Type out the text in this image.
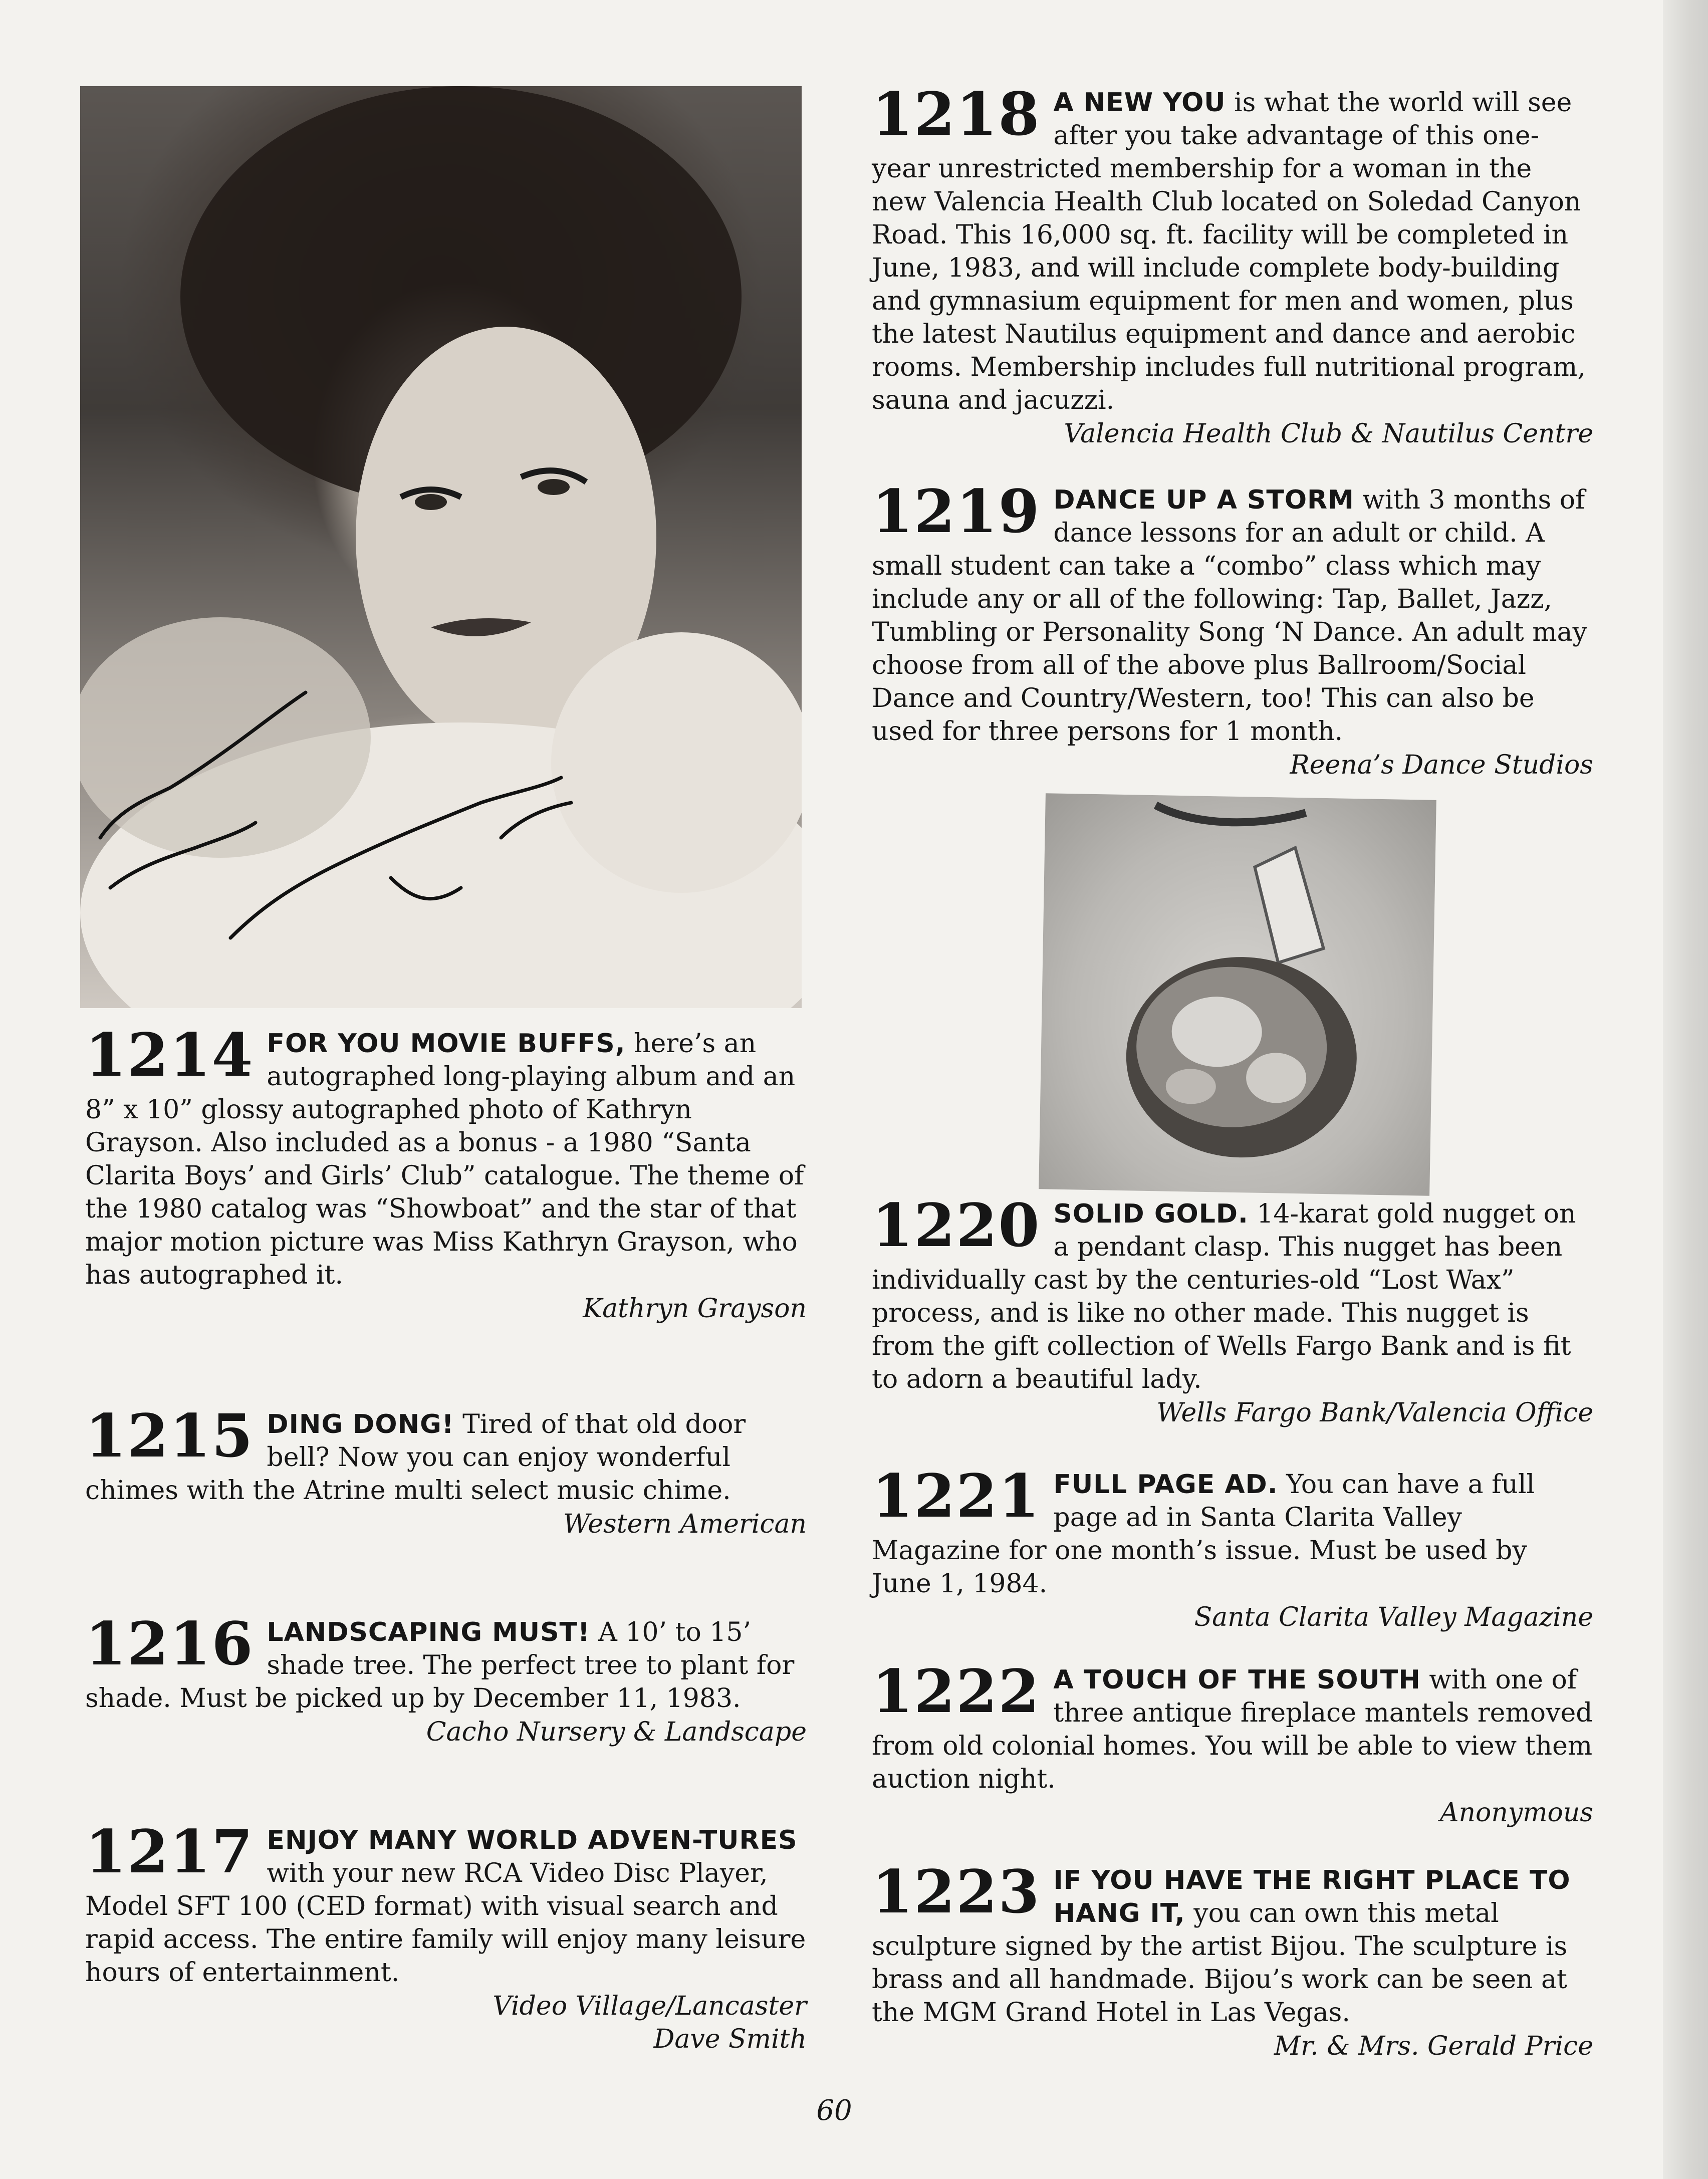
1214 FOR YOU MOVIE BUFFS, here’s an autographed long-playing album and an 8” x 10” glossy autographed photo of Kathryn Grayson. Also included as a bonus - a 1980 “Santa Clarita Boys’ and Girls’ Club” catalogue. The theme of the 1980 catalog was “Showboat” and the star of that major motion picture was Miss Kathryn Grayson, who has autographed it.

Kathryn Grayson

1215 DING DONG! Tired of that old door bell? Now you can enjoy wonderful chimes with the Atrine multi select music chime.

Western American

1216 LANDSCAPING MUST! A 10’ to 15’ shade tree. The perfect tree to plant for shade. Must be picked up by December 11, 1983.

Cacho Nursery & Landscape

1217 ENJOY MANY WORLD ADVEN-TURES with your new RCA Video Disc Player, Model SFT 100 (CED format) with visual search and rapid access. The entire family will enjoy many leisure hours of entertainment.

Video Village/Lancaster
Dave Smith

1218 A NEW YOU is what the world will see after you take advantage of this one-year unrestricted membership for a woman in the new Valencia Health Club located on Soledad Canyon Road. This 16,000 sq. ft. facility will be completed in June, 1983, and will include complete body-building and gymnasium equipment for men and women, plus the latest Nautilus equipment and dance and aerobic rooms. Membership includes full nutritional program, sauna and jacuzzi.

Valencia Health Club & Nautilus Centre

1219 DANCE UP A STORM with 3 months of dance lessons for an adult or child. A small student can take a “combo” class which may include any or all of the following: Tap, Ballet, Jazz, Tumbling or Personality Song ‘N Dance. An adult may choose from all of the above plus Ballroom/Social Dance and Country/Western, too! This can also be used for three persons for 1 month.

Reena’s Dance Studios

1220 SOLID GOLD. 14-karat gold nugget on a pendant clasp. This nugget has been individually cast by the centuries-old “Lost Wax” process, and is like no other made. This nugget is from the gift collection of Wells Fargo Bank and is fit to adorn a beautiful lady.

Wells Fargo Bank/Valencia Office

1221 FULL PAGE AD. You can have a full page ad in Santa Clarita Valley Magazine for one month’s issue. Must be used by June 1, 1984.

Santa Clarita Valley Magazine

1222 A TOUCH OF THE SOUTH with one of three antique fireplace mantels removed from old colonial homes. You will be able to view them auction night.

Anonymous

1223 IF YOU HAVE THE RIGHT PLACE TO HANG IT, you can own this metal sculpture signed by the artist Bijou. The sculpture is brass and all handmade. Bijou’s work can be seen at the MGM Grand Hotel in Las Vegas.

Mr. & Mrs. Gerald Price
60
